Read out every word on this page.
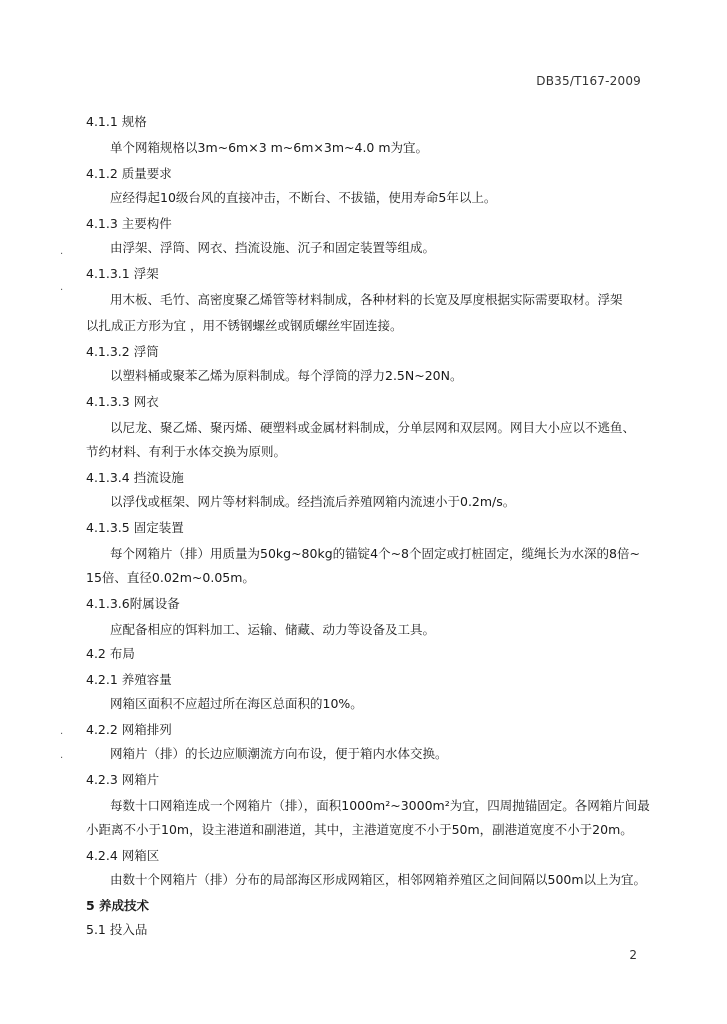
DB35/T167-2009
.
.
.
.
4.1.1 规格
单个网箱规格以3m~6m×3 m~6m×3m~4.0 m为宜。
4.1.2 质量要求
应经得起10级台风的直接冲击，不断台、不拔锚，使用寿命5年以上。
4.1.3 主要构件
由浮架、浮筒、网衣、挡流设施、沉子和固定装置等组成。
4.1.3.1 浮架
用木板、毛竹、高密度聚乙烯管等材料制成，各种材料的长宽及厚度根据实际需要取材。浮架
以扎成正方形为宜 ，用不锈钢螺丝或钢质螺丝牢固连接。
4.1.3.2 浮筒
以塑料桶或聚苯乙烯为原料制成。每个浮筒的浮力2.5N~20N。
4.1.3.3 网衣
以尼龙、聚乙烯、聚丙烯、硬塑料或金属材料制成，分单层网和双层网。网目大小应以不逃鱼、
节约材料、有利于水体交换为原则。
4.1.3.4 挡流设施
以浮伐或框架、网片等材料制成。经挡流后养殖网箱内流速小于0.2m/s。
4.1.3.5 固定装置
每个网箱片（排）用质量为50kg~80kg的锚锭4个~8个固定或打桩固定，缆绳长为水深的8倍~
15倍、直径0.02m~0.05m。
4.1.3.6附属设备
应配备相应的饵料加工、运输、储藏、动力等设备及工具。
4.2 布局
4.2.1 养殖容量
网箱区面积不应超过所在海区总面积的10%。
4.2.2 网箱排列
网箱片（排）的长边应顺潮流方向布设，便于箱内水体交换。
4.2.3 网箱片
每数十口网箱连成一个网箱片（排），面积1000m²~3000m²为宜，四周抛锚固定。各网箱片间最
小距离不小于10m，设主港道和副港道，其中，主港道宽度不小于50m，副港道宽度不小于20m。
4.2.4 网箱区
由数十个网箱片（排）分布的局部海区形成网箱区，相邻网箱养殖区之间间隔以500m以上为宜。
5 养成技术
5.1 投入品
2
